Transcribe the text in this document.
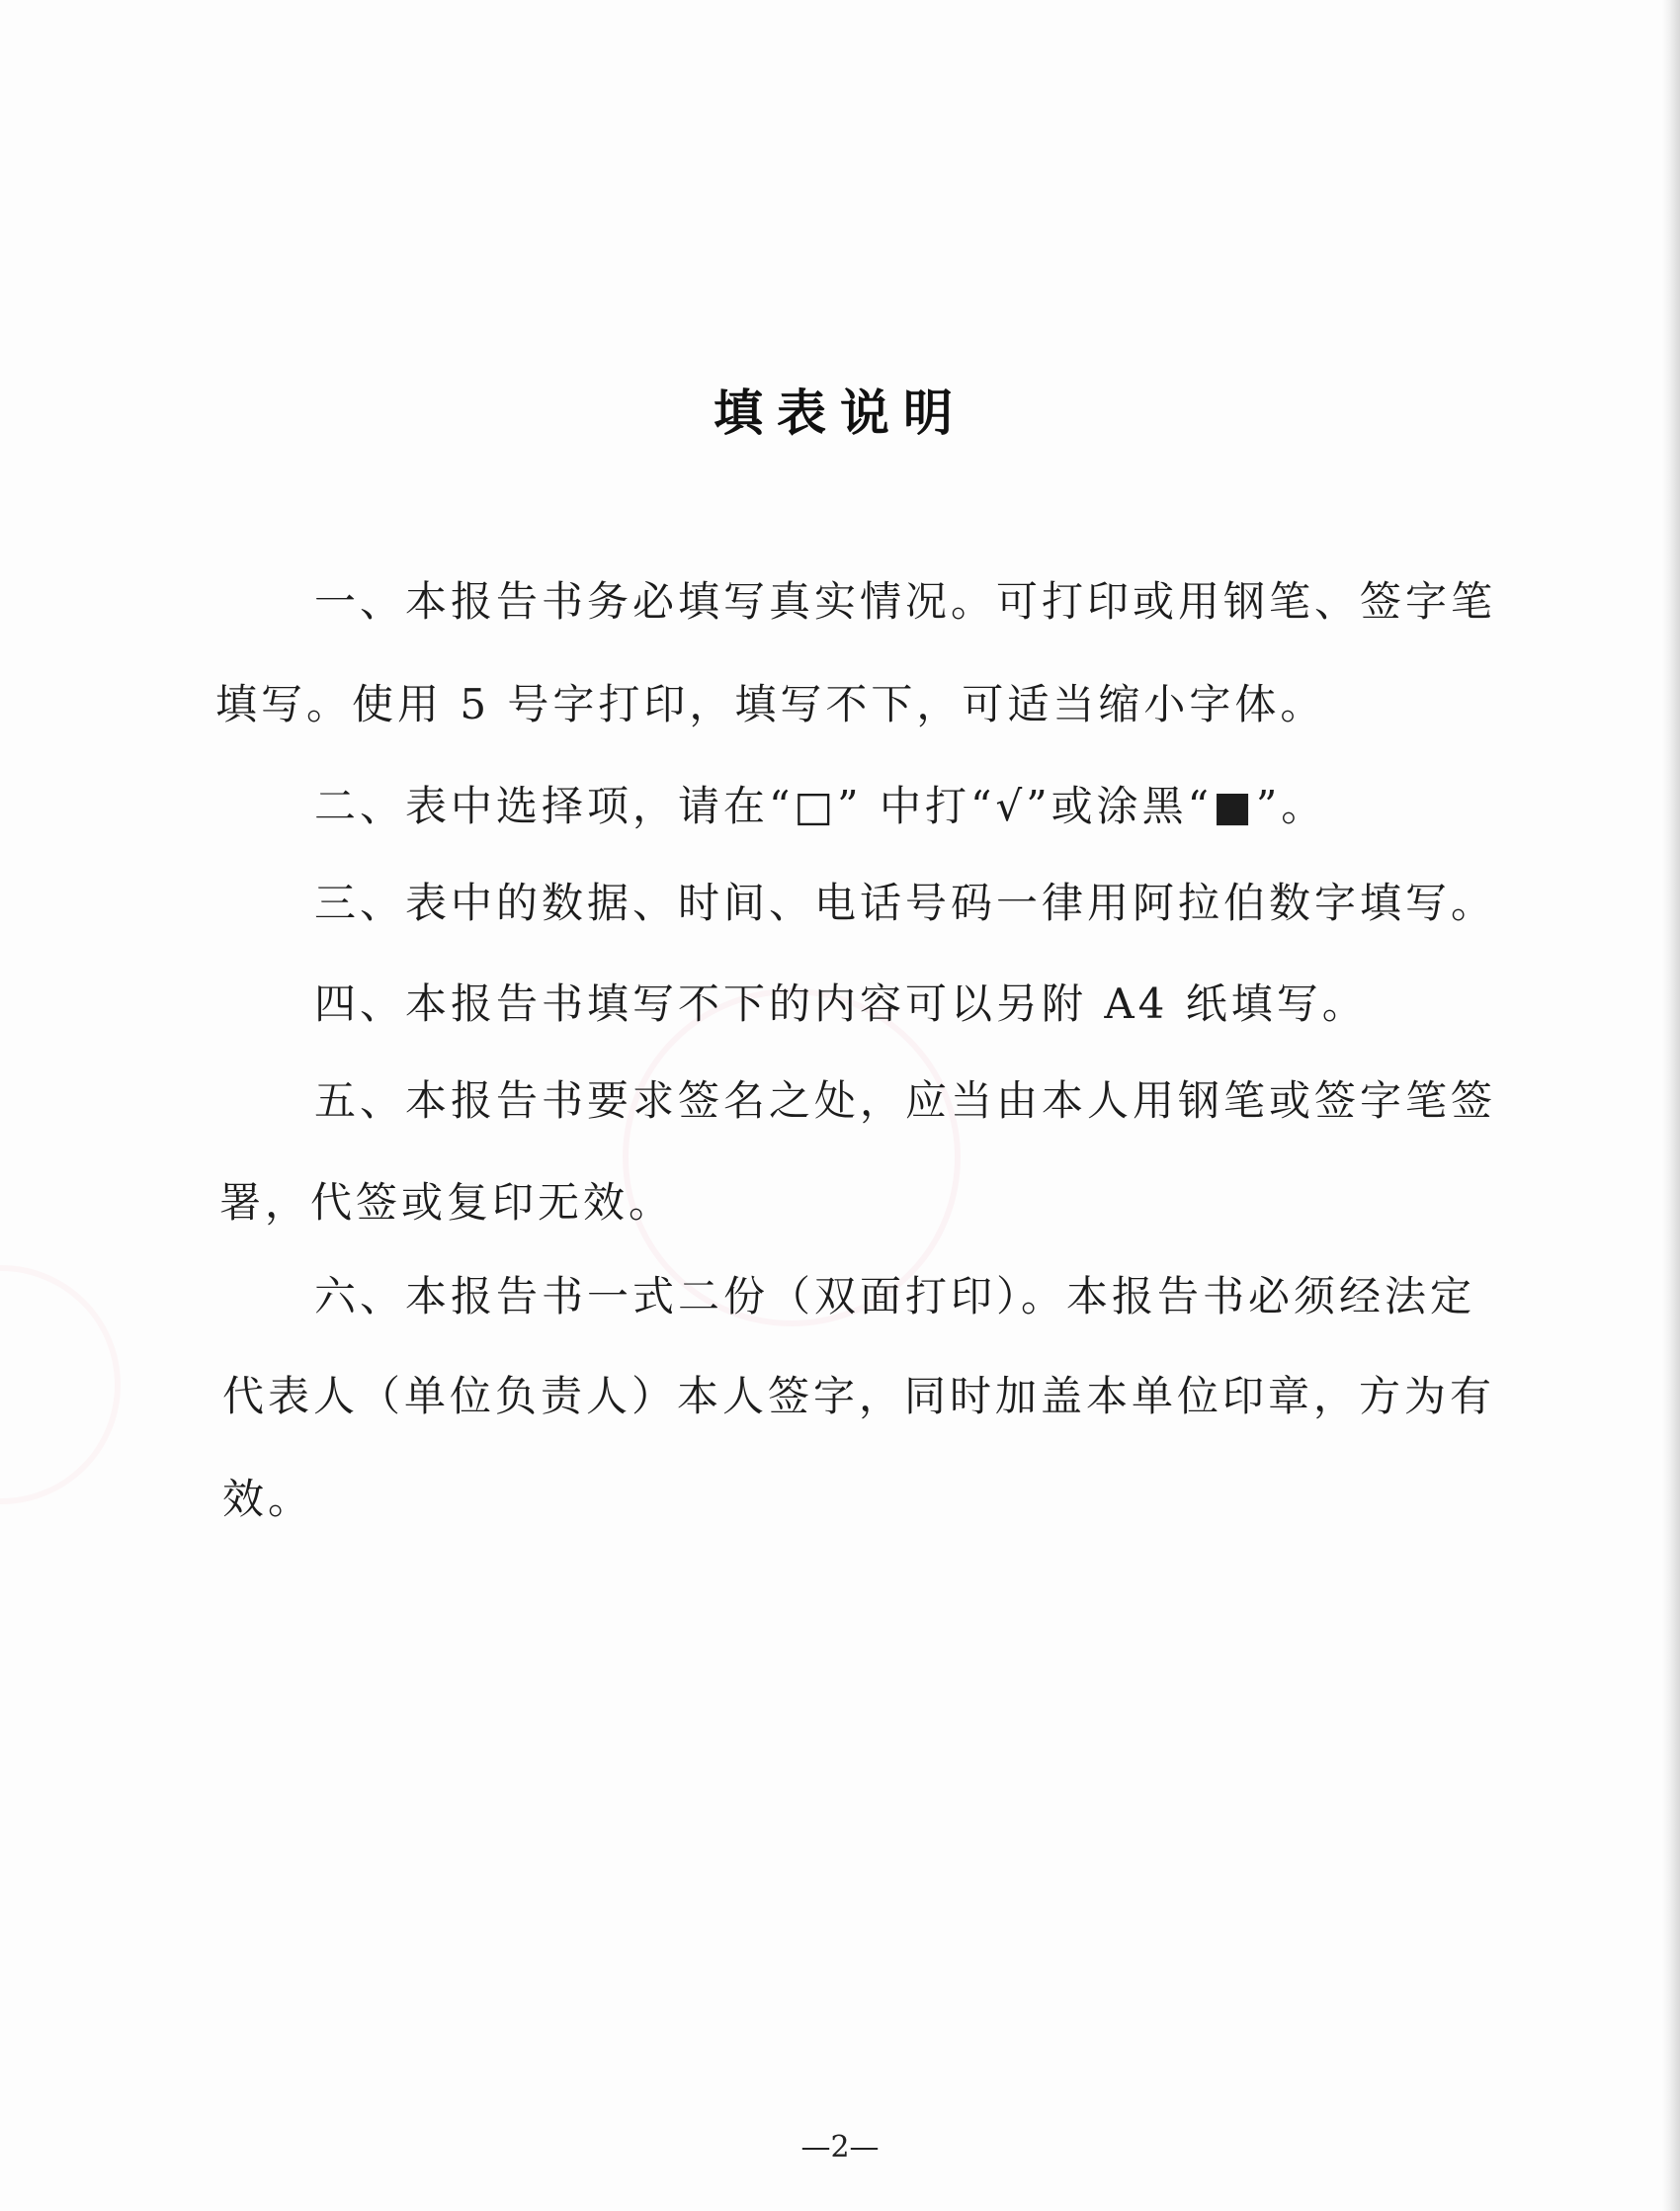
填表说明

一、本报告书务必填写真实情况。可打印或用钢笔、签字笔

填写。使用 5 号字打印，填写不下，可适当缩小字体。

二、表中选择项，请在“□” 中打“√”或涂黑“■”。

三、表中的数据、时间、电话号码一律用阿拉伯数字填写。

四、本报告书填写不下的内容可以另附 A4 纸填写。

五、本报告书要求签名之处，应当由本人用钢笔或签字笔签

署，代签或复印无效。

六、本报告书一式二份（双面打印）。本报告书必须经法定

代表人（单位负责人）本人签字，同时加盖本单位印章，方为有

效。

—2—
